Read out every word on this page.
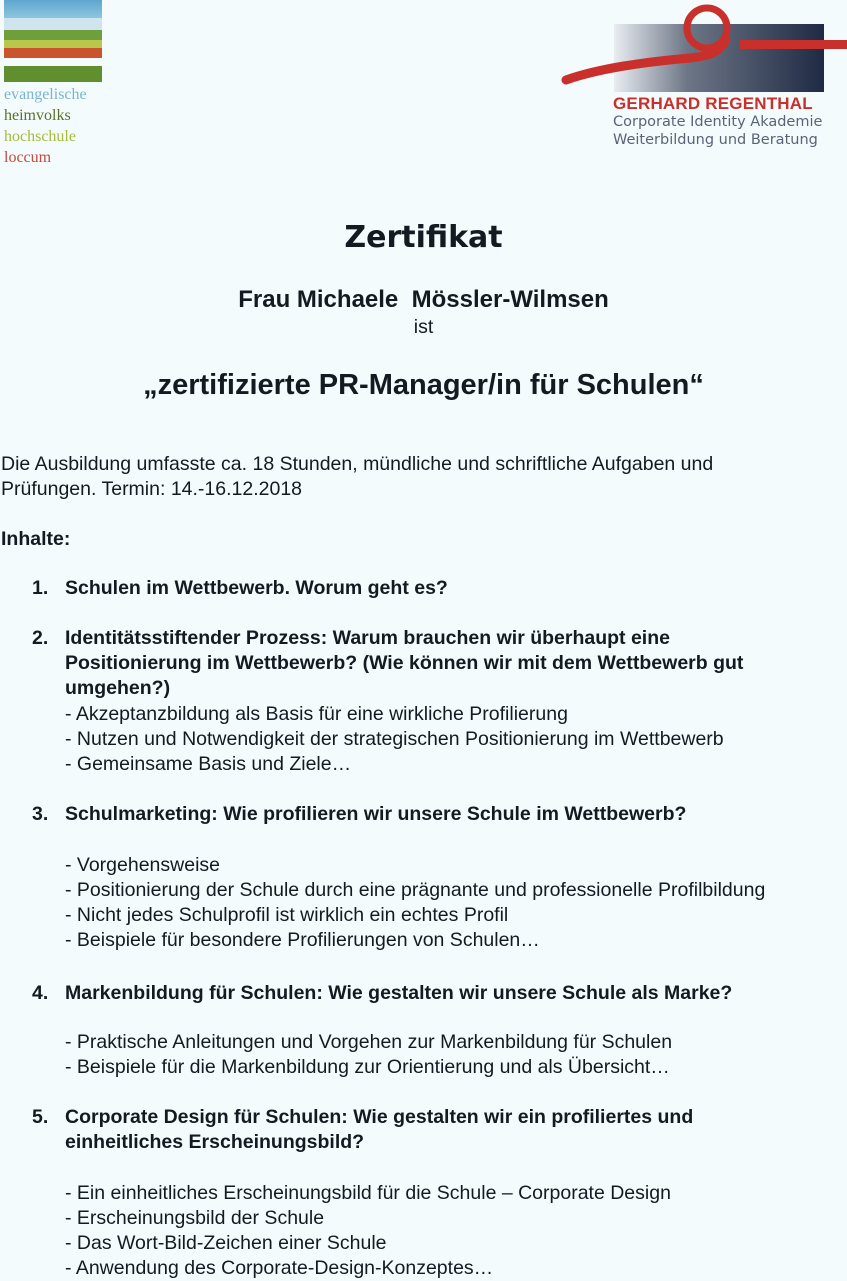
evangelische
heimvolks
hochschule
loccum
GERHARD REGENTHAL
Corporate Identity Akademie
Weiterbildung und Beratung
Zertifikat
Frau Michaele  Mössler-Wilmsen
ist
„zertifizierte PR-Manager/in für Schulen“
Die Ausbildung umfasste ca. 18 Stunden, mündliche und schriftliche Aufgaben und
Prüfungen. Termin: 14.-16.12.2018
Inhalte:
1. Schulen im Wettbewerb. Worum geht es?
2. Identitätsstiftender Prozess: Warum brauchen wir überhaupt eine
Positionierung im Wettbewerb? (Wie können wir mit dem Wettbewerb gut
umgehen?)
- Akzeptanzbildung als Basis für eine wirkliche Profilierung
- Nutzen und Notwendigkeit der strategischen Positionierung im Wettbewerb
- Gemeinsame Basis und Ziele…
3. Schulmarketing: Wie profilieren wir unsere Schule im Wettbewerb?
- Vorgehensweise
- Positionierung der Schule durch eine prägnante und professionelle Profilbildung
- Nicht jedes Schulprofil ist wirklich ein echtes Profil
- Beispiele für besondere Profilierungen von Schulen…
4. Markenbildung für Schulen: Wie gestalten wir unsere Schule als Marke?
- Praktische Anleitungen und Vorgehen zur Markenbildung für Schulen
- Beispiele für die Markenbildung zur Orientierung und als Übersicht…
5. Corporate Design für Schulen: Wie gestalten wir ein profiliertes und
einheitliches Erscheinungsbild?
- Ein einheitliches Erscheinungsbild für die Schule – Corporate Design
- Erscheinungsbild der Schule
- Das Wort-Bild-Zeichen einer Schule
- Anwendung des Corporate-Design-Konzeptes…
